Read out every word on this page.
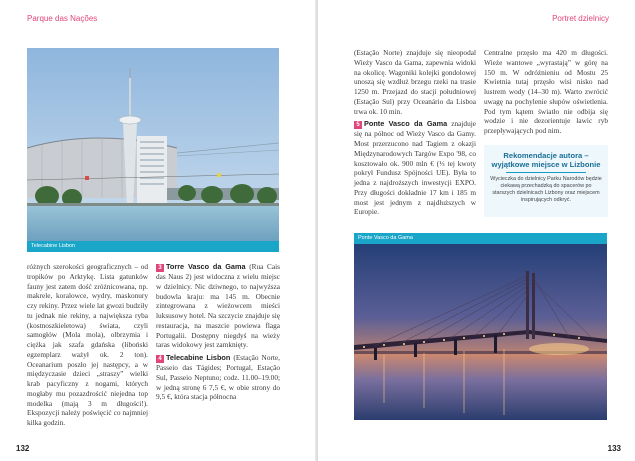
Parque das Nações
Telecabine Lisbon

różnych szerokości geograficznych – od tropików po Arktykę. Lista gatunków fauny jest zatem dość zróżnicowana, np. makrele, koralowce, wydry, maskonury czy rekiny. Przez wiele lat gwozi budziły tu jednak nie rekiny, a największa ryba (kostnoszkieletowa) świata, czyli samogłów (Mola mola), olbrzymia i ciężka jak szafa gdańska (łiboński egzemplarz ważył ok. 2 ton). Oceanarium poszło jej następcy, a w międzyczasie dzieci „straszy” wielki krab pacyficzny z nogami, których mogłaby mu pozazdrościć niejedna top modelka (mają 3 m długości!). Ekspozycji należy poświęcić co najmniej kilka godzin.

3 Torre Vasco da Gama (Rua Cais das Naus 2) jest widoczna z wielu miejsc w dzielnicy. Nic dziwnego, to najwyższa budowla kraju: ma 145 m. Obecnie zintegrowana z wieżowcem mieści luksusowy hotel. Na szczycie znajduje się restauracja, na maszcie powiewa flaga Portugalii. Dostępny niegdyś na wieży taras widokowy jest zamknięty.

4 Telecabine Lisbon (Estação Norte, Passeio das Tágides; Portugal, Estação Sul, Passeio Neptuno; codz. 11.00–19.00; w jedną stronę 6 7,5 €, w obie strony do 9,5 €, która stacja północna

132
Portret dzielnicy
133

(Estação Norte) znajduje się nieopodal Wieży Vasco da Gama, zapewnia widoki na okolicę. Wagoniki kolejki gondolowej unoszą się wzdłuż brzegu rzeki na trasie 1250 m. Przejazd do stacji południowej (Estação Sul) przy Oceanário da Lisboa trwa ok. 10 min.

5 Ponte Vasco da Gama znajduje się na północ od Wieży Vasco da Gamy. Most przerzucono nad Tagiem z okazji Międzynarodowych Targów Expo '98, co kosztowało ok. 900 mln € (⅓ tej kwoty pokrył Fundusz Spójności UE). Była to jedna z najdroższych inwestycji EXPO. Przy długości dokładnie 17 km i 185 m most jest jednym z najdłuższych w Europie.

Centralne przęsło ma 420 m długości. Wieże wantowe „wyrastają” w górę na 150 m. W odróżnieniu od Mostu 25 Kwietnia tutaj przęsło wisi nisko nad lustrem wody (14–30 m). Warto zwrócić uwagę na pochylenie słupów oświetlenia. Pod tym kątem światło nie odbija się wodzie i nie dezorientuje ławic ryb przepływających pod nim.

Rekomendacje autora – wyjątkowe miejsce w Lizbonie
Wycieczka do dzielnicy Parku Narodów będzie ciekawą przechadzką do spacerów po starszych dzielnicach Lizbony oraz miejscem inspirujących odkryć.
Ponte Vasco da Gama
